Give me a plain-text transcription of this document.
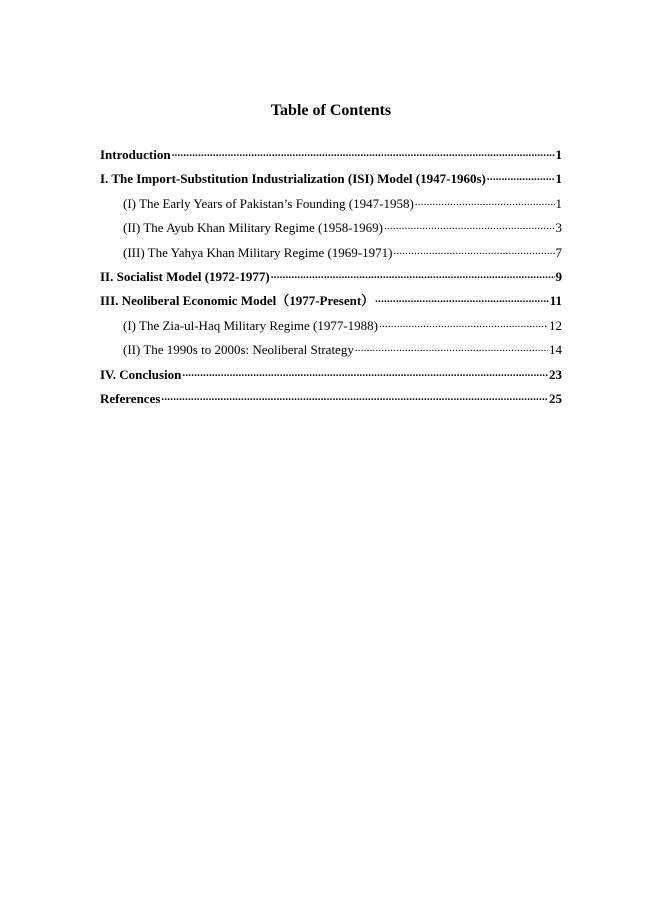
Table of Contents
Introduction .....	1
I. The Import-Substitution Industrialization (ISI) Model (1947-1960s) .....	1
(I) The Early Years of Pakistan’s Founding (1947-1958) .....	1
(II) The Ayub Khan Military Regime (1958-1969) .....	3
(III) The Yahya Khan Military Regime (1969-1971) .....	7
II. Socialist Model (1972-1977) .....	9
III. Neoliberal Economic Model（1977-Present） .....	11
(I) The Zia-ul-Haq Military Regime (1977-1988) .....	12
(II) The 1990s to 2000s: Neoliberal Strategy .....	14
IV. Conclusion .....	23
References .....	25
